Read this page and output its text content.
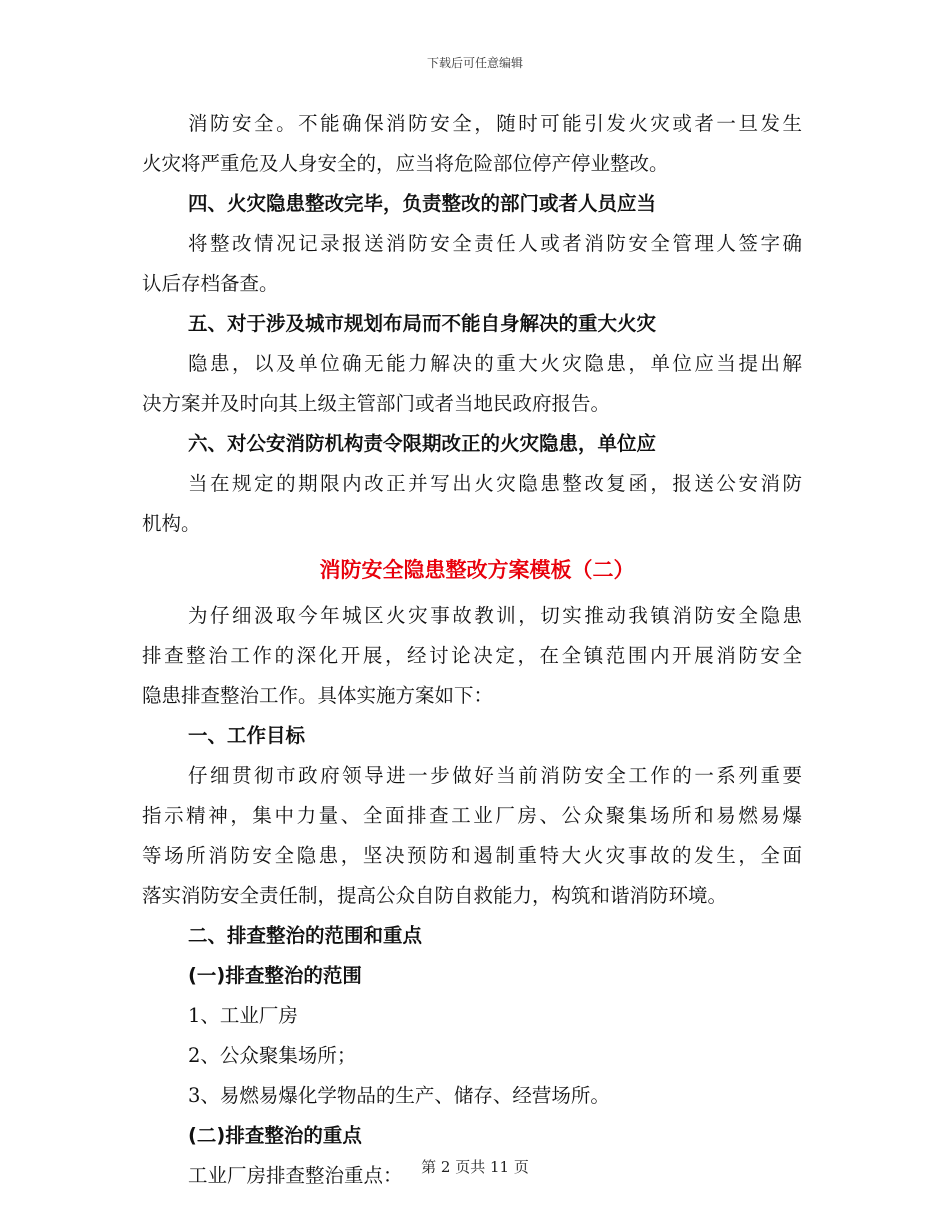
下载后可任意编辑
消防安全。不能确保消防安全，随时可能引发火灾或者一旦发生
火灾将严重危及人身安全的，应当将危险部位停产停业整改。
四、火灾隐患整改完毕，负责整改的部门或者人员应当
将整改情况记录报送消防安全责任人或者消防安全管理人签字确
认后存档备查。
五、对于涉及城市规划布局而不能自身解决的重大火灾
隐患，以及单位确无能力解决的重大火灾隐患，单位应当提出解
决方案并及时向其上级主管部门或者当地民政府报告。
六、对公安消防机构责令限期改正的火灾隐患，单位应
当在规定的期限内改正并写出火灾隐患整改复函，报送公安消防
机构。
消防安全隐患整改方案模板（二）
为仔细汲取今年城区火灾事故教训，切实推动我镇消防安全隐患
排查整治工作的深化开展，经讨论决定，在全镇范围内开展消防安全
隐患排查整治工作。具体实施方案如下：
一、工作目标
仔细贯彻市政府领导进一步做好当前消防安全工作的一系列重要
指示精神，集中力量、全面排查工业厂房、公众聚集场所和易燃易爆
等场所消防安全隐患，坚决预防和遏制重特大火灾事故的发生，全面
落实消防安全责任制，提高公众自防自救能力，构筑和谐消防环境。
二、排查整治的范围和重点
(一)排查整治的范围
1、工业厂房
2、公众聚集场所；
3、易燃易爆化学物品的生产、储存、经营场所。
(二)排查整治的重点
工业厂房排查整治重点：	第 2 页共 11 页
